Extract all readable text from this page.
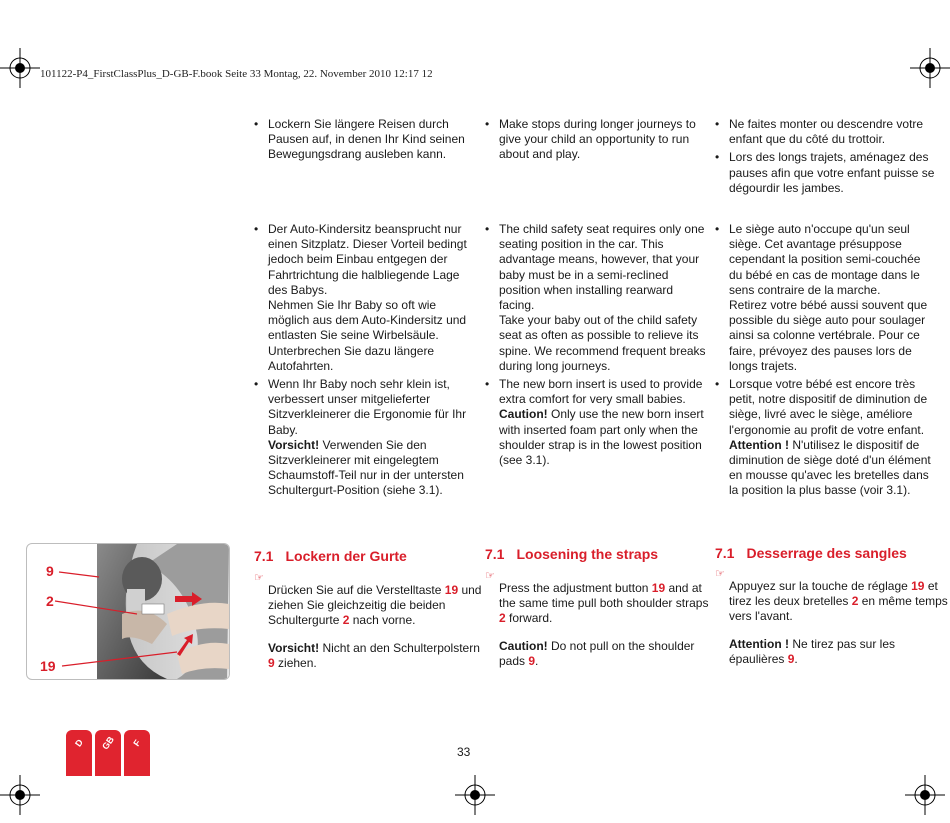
101122-P4_FirstClassPlus_D-GB-F.book Seite 33 Montag, 22. November 2010 12:17 12
• Lockern Sie längere Reisen durch Pausen auf, in denen Ihr Kind seinen Bewegungsdrang ausleben kann.
• Make stops during longer journeys to give your child an opportunity to run about and play.
• Ne faites monter ou descendre votre enfant que du côté du trottoir.
• Lors des longs trajets, aménagez des pauses afin que votre enfant puisse se dégourdir les jambes.

• Der Auto-Kindersitz beansprucht nur einen Sitzplatz. Dieser Vorteil bedingt jedoch beim Einbau entgegen der Fahrtrichtung die halbliegende Lage des Babys.

Nehmen Sie Ihr Baby so oft wie möglich aus dem Auto-Kindersitz und entlasten Sie seine Wirbelsäule. Unterbrechen Sie dazu längere Autofahrten.

• Wenn Ihr Baby noch sehr klein ist, verbessert unser mitgelieferter Sitzverkleinerer die Ergonomie für Ihr Baby.

Vorsicht! Verwenden Sie den Sitzverkleinerer mit eingelegtem Schaumstoff-Teil nur in der untersten Schultergurt-Position (siehe 3.1).

• The child safety seat requires only one seating position in the car. This advantage means, however, that your baby must be in a semi-reclined position when installing rearward facing.

Take your baby out of the child safety seat as often as possible to relieve its spine. We recommend frequent breaks during long journeys.

• The new born insert is used to provide extra comfort for very small babies.

Caution! Only use the new born insert with inserted foam part only when the shoulder strap is in the lowest position (see 3.1).

• Le siège auto n'occupe qu'un seul siège. Cet avantage présuppose cependant la position semi-couchée du bébé en cas de montage dans le sens contraire de la marche.

Retirez votre bébé aussi souvent que possible du siège auto pour soulager ainsi sa colonne vertébrale. Pour ce faire, prévoyez des pauses lors de longs trajets.

• Lorsque votre bébé est encore très petit, notre dispositif de diminution de siège, livré avec le siège, améliore l'ergonomie au profit de votre enfant.

Attention ! N'utilisez le dispositif de diminution de siège doté d'un élément en mousse qu'avec les bretelles dans la position la plus basse (voir 3.1).

9
2
19
7.1 Lockern der Gurte
☞

Drücken Sie auf die Verstelltaste 19 und ziehen Sie gleichzeitig die beiden Schultergurte 2 nach vorne.

Vorsicht! Nicht an den Schulterpolstern 9 ziehen.

7.1 Loosening the straps
☞

Press the adjustment button 19 and at the same time pull both shoulder straps 2 forward.

Caution! Do not pull on the shoulder pads 9.

7.1 Desserrage des sangles
☞

Appuyez sur la touche de réglage 19 et tirez les deux bretelles 2 en même temps vers l'avant.

Attention ! Ne tirez pas sur les épaulières 9.

D	GB	F
33
